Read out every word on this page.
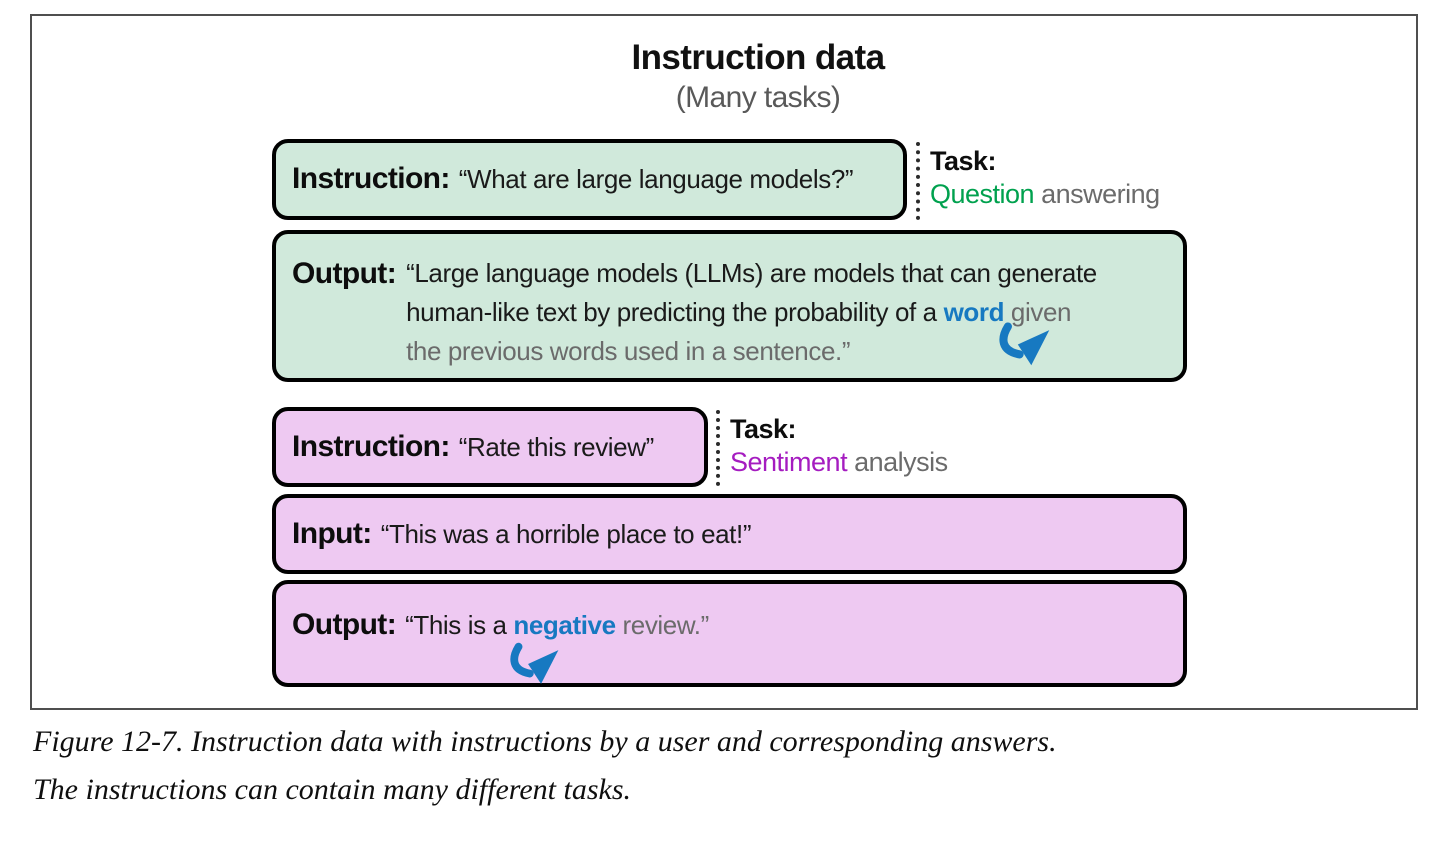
Instruction data
(Many tasks)
Instruction: “What are large language models?”
Task:
Question answering
Output: “Large language models (LLMs) are models that can generate
human-like text by predicting the probability of a word given
the previous words used in a sentence.”
Instruction: “Rate this review”
Task:
Sentiment analysis
Input: “This was a horrible place to eat!”
Output: “This is a negative review.”
Figure 12-7. Instruction data with instructions by a user and corresponding answers.
The instructions can contain many different tasks.
